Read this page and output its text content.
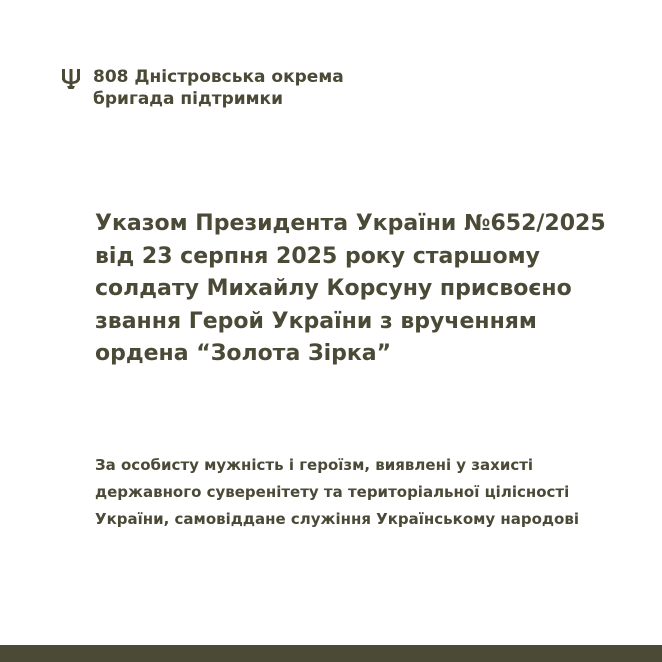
808 Дністровська окрема бригада підтримки
Указом Президента України №652/2025 від 23 серпня 2025 року старшому солдату Михайлу Корсуну присвоєно звання Герой України з врученням ордена “Золота Зірка”
За особисту мужність і героїзм, виявлені у захисті державного суверенітету та територіальної цілісності України, самовіддане служіння Українському народові
